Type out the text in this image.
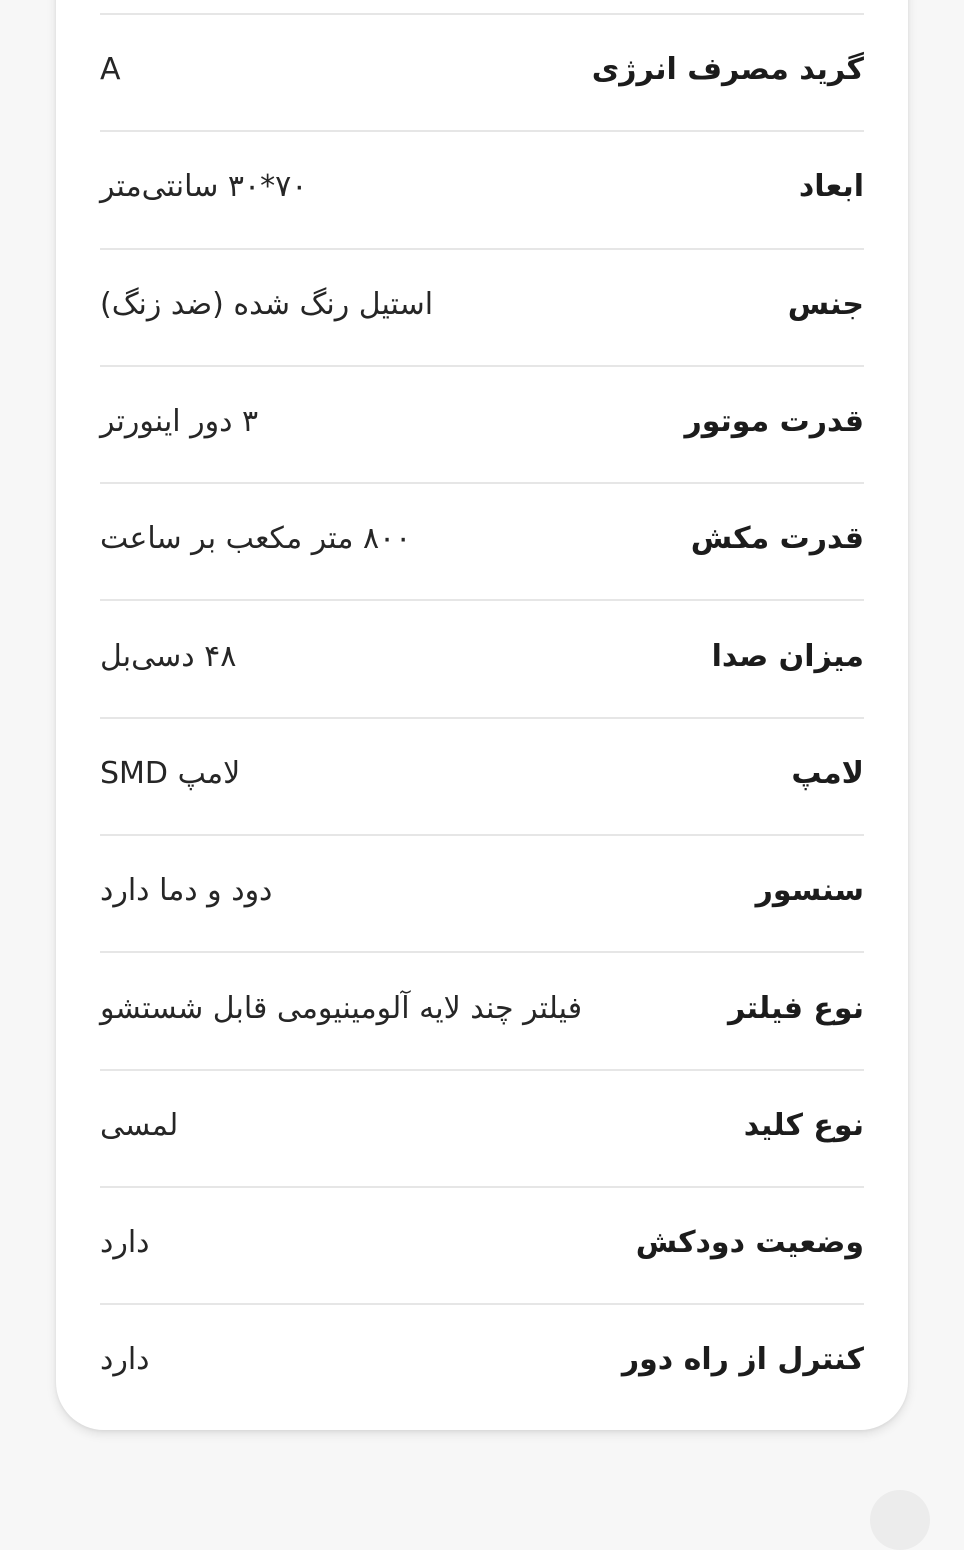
گرید مصرف انرژی
A
ابعاد
۷۰*۳۰ سانتی‌متر
جنس
استیل رنگ شده (ضد زنگ)
قدرت موتور
۳ دور اینورتر
قدرت مکش
۸۰۰ متر مکعب بر ساعت
میزان صدا
۴۸ دسی‌بل
لامپ
لامپ SMD
سنسور
دود و دما دارد
نوع فیلتر
فیلتر چند لایه آلومینیومی قابل شستشو
نوع کلید
لمسی
وضعیت دودکش
دارد
کنترل از راه دور
دارد
